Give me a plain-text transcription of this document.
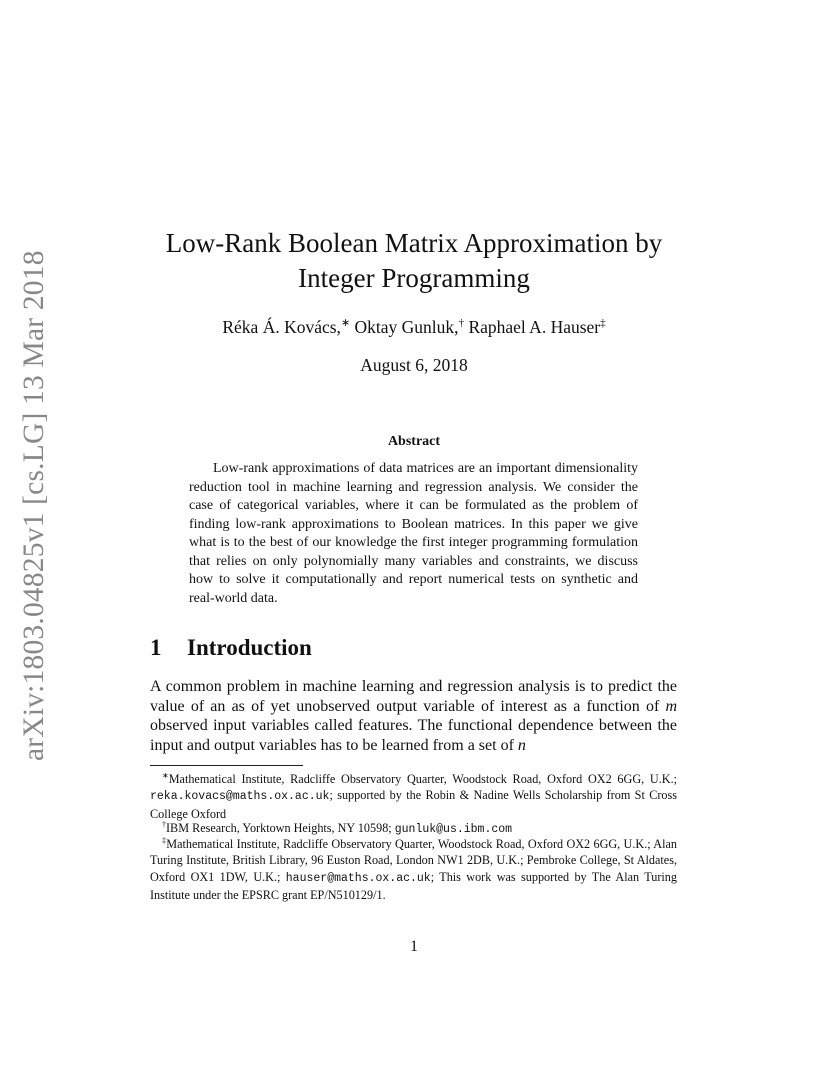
arXiv:1803.04825v1 [cs.LG] 13 Mar 2018
Low-Rank Boolean Matrix Approximation by
Integer Programming
Réka Á. Kovács,∗ Oktay Gunluk,† Raphael A. Hauser‡
August 6, 2018
Abstract
Low-rank approximations of data matrices are an important dimensionality reduction tool in machine learning and regression analysis. We consider the case of categorical variables, where it can be formulated as the problem of finding low-rank approximations to Boolean matrices. In this paper we give what is to the best of our knowledge the first integer programming formulation that relies on only polynomially many variables and constraints, we discuss how to solve it computationally and report numerical tests on synthetic and real-world data.
1 Introduction
A common problem in machine learning and regression analysis is to predict the value of an as of yet unobserved output variable of interest as a function of m observed input variables called features. The functional dependence between the input and output variables has to be learned from a set of n
∗Mathematical Institute, Radcliffe Observatory Quarter, Woodstock Road, Oxford OX2 6GG, U.K.; reka.kovacs@maths.ox.ac.uk; supported by the Robin & Nadine Wells Scholarship from St Cross College Oxford
†IBM Research, Yorktown Heights, NY 10598; gunluk@us.ibm.com
‡Mathematical Institute, Radcliffe Observatory Quarter, Woodstock Road, Oxford OX2 6GG, U.K.; Alan Turing Institute, British Library, 96 Euston Road, London NW1 2DB, U.K.; Pembroke College, St Aldates, Oxford OX1 1DW, U.K.; hauser@maths.ox.ac.uk; This work was supported by The Alan Turing Institute under the EPSRC grant EP/N510129/1.
1
